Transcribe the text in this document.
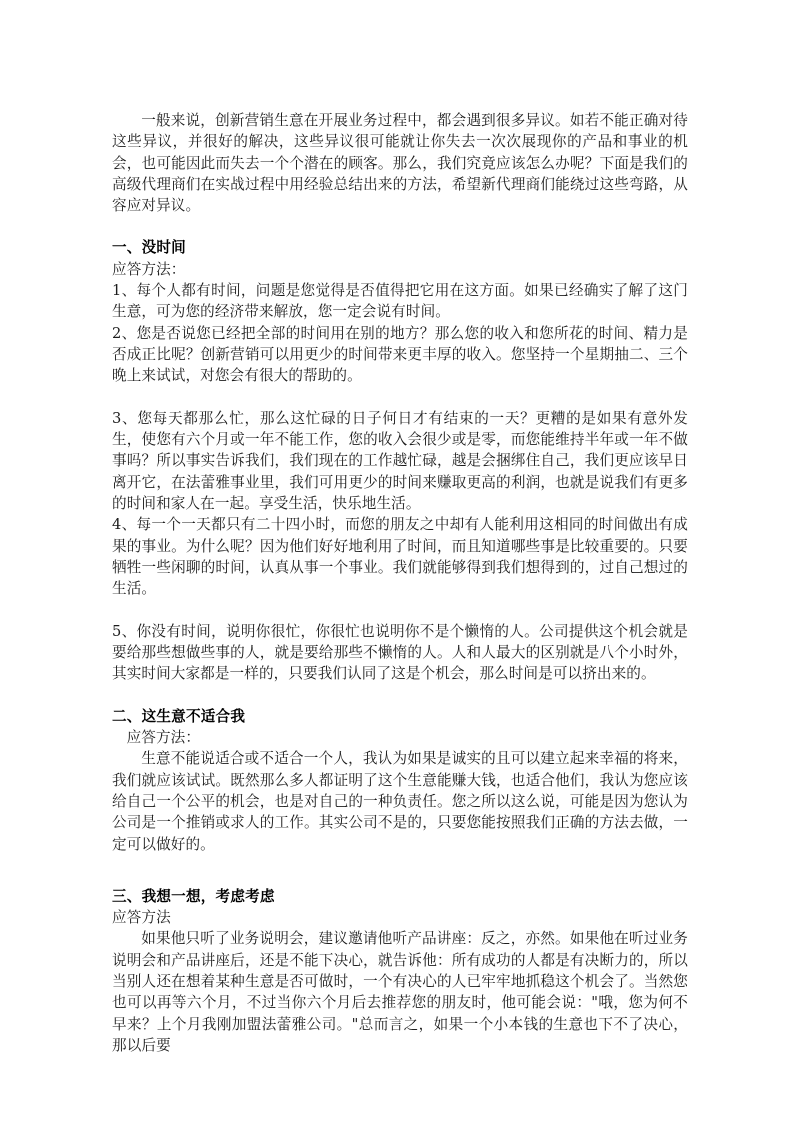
一般来说，创新营销生意在开展业务过程中，都会遇到很多异议。如若不能正确对待这些异议，并很好的解决，这些异议很可能就让你失去一次次展现你的产品和事业的机会，也可能因此而失去一个个潜在的顾客。那么，我们究竟应该怎么办呢？下面是我们的高级代理商们在实战过程中用经验总结出来的方法，希望新代理商们能绕过这些弯路，从容应对异议。

一、没时间

应答方法：

1、每个人都有时间，问题是您觉得是否值得把它用在这方面。如果已经确实了解了这门生意，可为您的经济带来解放，您一定会说有时间。

2、您是否说您已经把全部的时间用在别的地方？那么您的收入和您所花的时间、精力是否成正比呢？创新营销可以用更少的时间带来更丰厚的收入。您坚持一个星期抽二、三个晚上来试试，对您会有很大的帮助的。

3、您每天都那么忙，那么这忙碌的日子何日才有结束的一天？更糟的是如果有意外发生，使您有六个月或一年不能工作，您的收入会很少或是零，而您能维持半年或一年不做事吗？所以事实告诉我们，我们现在的工作越忙碌，越是会捆绑住自己，我们更应该早日离开它，在法蕾雅事业里，我们可用更少的时间来赚取更高的利润，也就是说我们有更多的时间和家人在一起。享受生活，快乐地生活。

4、每一个一天都只有二十四小时，而您的朋友之中却有人能利用这相同的时间做出有成果的事业。为什么呢？因为他们好好地利用了时间，而且知道哪些事是比较重要的。只要牺牲一些闲聊的时间，认真从事一个事业。我们就能够得到我们想得到的，过自己想过的生活。

5、你没有时间，说明你很忙，你很忙也说明你不是个懒惰的人。公司提供这个机会就是要给那些想做些事的人，就是要给那些不懒惰的人。人和人最大的区别就是八个小时外，其实时间大家都是一样的，只要我们认同了这是个机会，那么时间是可以挤出来的。

二、这生意不适合我

应答方法：

生意不能说适合或不适合一个人，我认为如果是诚实的且可以建立起来幸福的将来，我们就应该试试。既然那么多人都证明了这个生意能赚大钱，也适合他们，我认为您应该给自己一个公平的机会，也是对自己的一种负责任。您之所以这么说，可能是因为您认为公司是一个推销或求人的工作。其实公司不是的，只要您能按照我们正确的方法去做，一定可以做好的。

三、我想一想，考虑考虑

应答方法

如果他只听了业务说明会，建议邀请他听产品讲座：反之，亦然。如果他在听过业务说明会和产品讲座后，还是不能下决心，就告诉他：所有成功的人都是有决断力的，所以当别人还在想着某种生意是否可做时，一个有决心的人已牢牢地抓稳这个机会了。当然您也可以再等六个月，不过当你六个月后去推荐您的朋友时，他可能会说："哦，您为何不早来？上个月我刚加盟法蕾雅公司。"总而言之，如果一个小本钱的生意也下不了决心，那以后要
